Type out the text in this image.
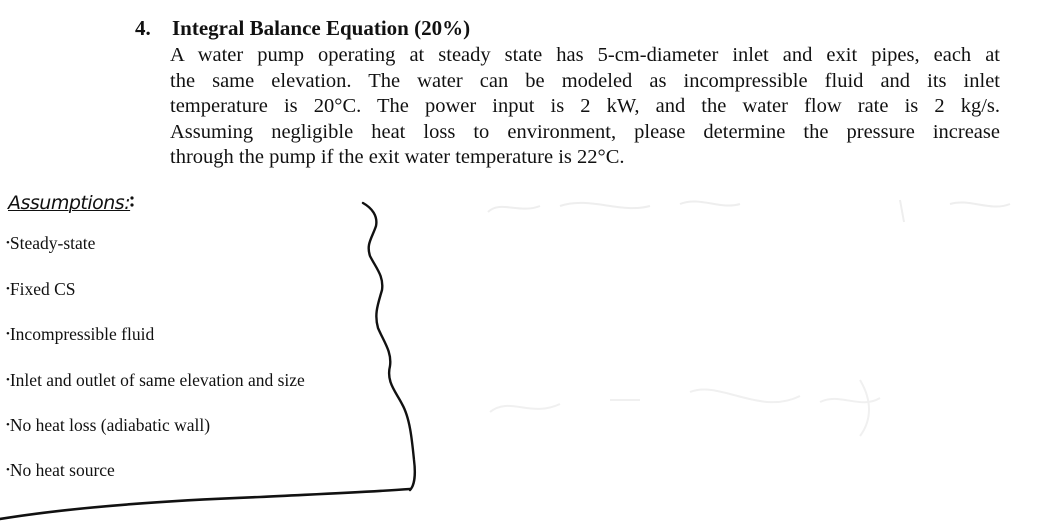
4. Integral Balance Equation (20%)
A water pump operating at steady state has 5-cm-diameter inlet and exit pipes, each at
the same elevation. The water can be modeled as incompressible fluid and its inlet
temperature is 20°C. The power input is 2 kW, and the water flow rate is 2 kg/s.
Assuming negligible heat loss to environment, please determine the pressure increase
through the pump if the exit water temperature is 22°C.
Assumptions:
•Steady-state
•Fixed CS
•Incompressible fluid
•Inlet and outlet of same elevation and size
•No heat loss (adiabatic wall)
•No heat source
